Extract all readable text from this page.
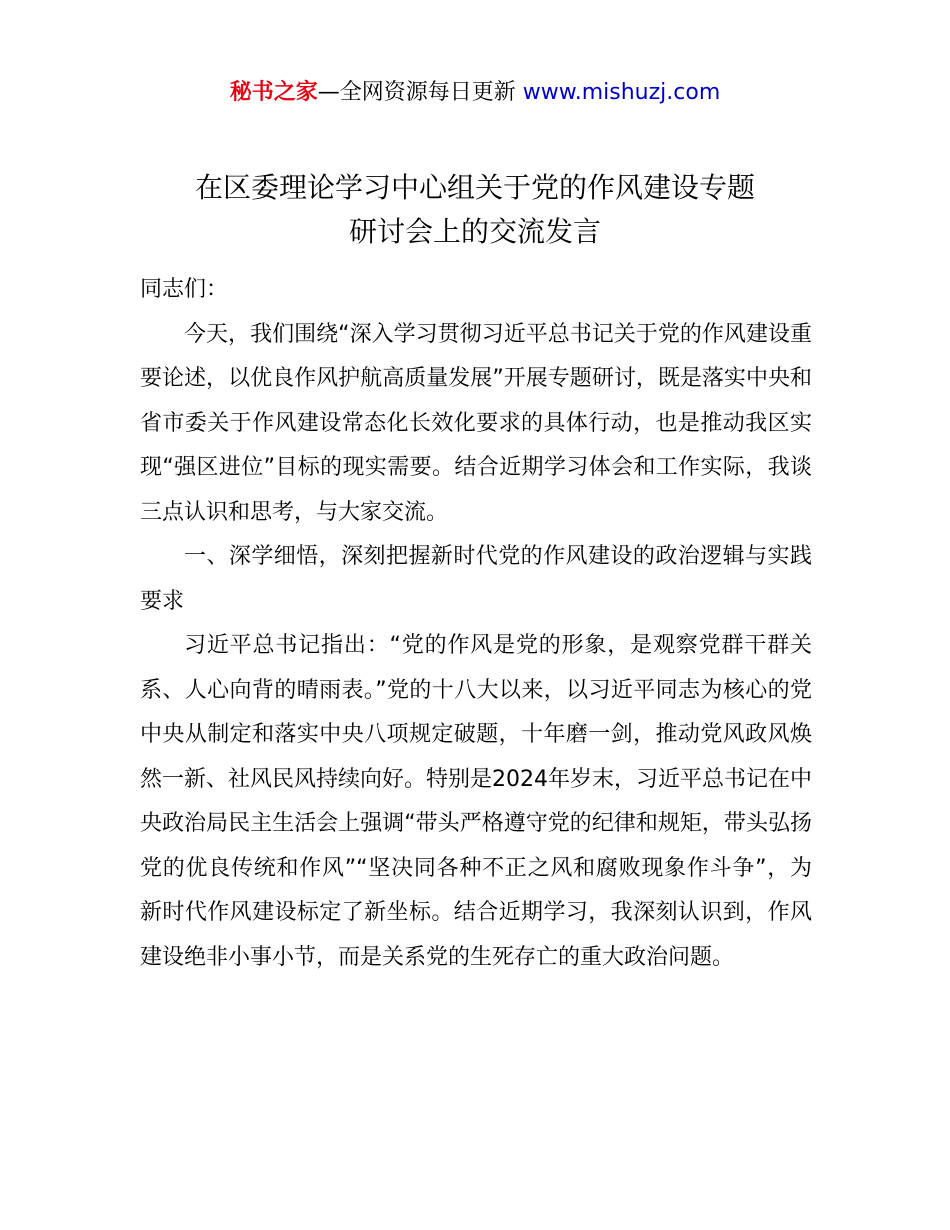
秘书之家—全网资源每日更新 www.mishuzj.com
在区委理论学习中心组关于党的作风建设专题
研讨会上的交流发言

同志们：

今天，我们围绕“深入学习贯彻习近平总书记关于党的作风建设重要论述，以优良作风护航高质量发展”开展专题研讨，既是落实中央和省市委关于作风建设常态化长效化要求的具体行动，也是推动我区实现“强区进位”目标的现实需要。结合近期学习体会和工作实际，我谈三点认识和思考，与大家交流。

一、深学细悟，深刻把握新时代党的作风建设的政治逻辑与实践要求

习近平总书记指出：“党的作风是党的形象，是观察党群干群关系、人心向背的晴雨表。”党的十八大以来，以习近平同志为核心的党中央从制定和落实中央八项规定破题，十年磨一剑，推动党风政风焕然一新、社风民风持续向好。特别是2024年岁末，习近平总书记在中央政治局民主生活会上强调“带头严格遵守党的纪律和规矩，带头弘扬党的优良传统和作风”“坚决同各种不正之风和腐败现象作斗争”，为新时代作风建设标定了新坐标。结合近期学习，我深刻认识到，作风建设绝非小事小节，而是关系党的生死存亡的重大政治问题。
